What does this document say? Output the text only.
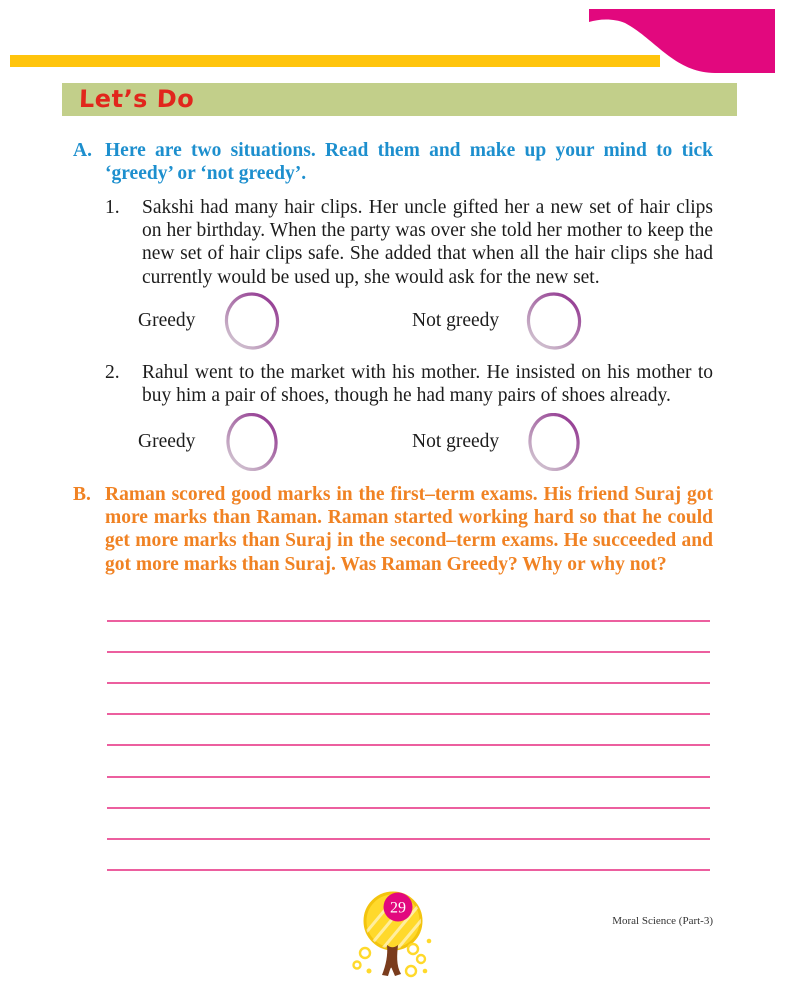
Let’s Do
A. Here are two situations. Read them and make up your mind to tick ‘greedy’ or ‘not greedy’.
1. Sakshi had many hair clips. Her uncle gifted her a new set of hair clips on her birthday. When the party was over she told her mother to keep the new set of hair clips safe. She added that when all the hair clips she had currently would be used up, she would ask for the new set.
Greedy	Not greedy
2. Rahul went to the market with his mother. He insisted on his mother to buy him a pair of shoes, though he had many pairs of shoes already.
Greedy	Not greedy
B. Raman scored good marks in the first–term exams. His friend Suraj got more marks than Raman. Raman started working hard so that he could get more marks than Suraj in the second–term exams. He succeeded and got more marks than Suraj. Was Raman Greedy? Why or why not?
29
Moral Science (Part-3)
